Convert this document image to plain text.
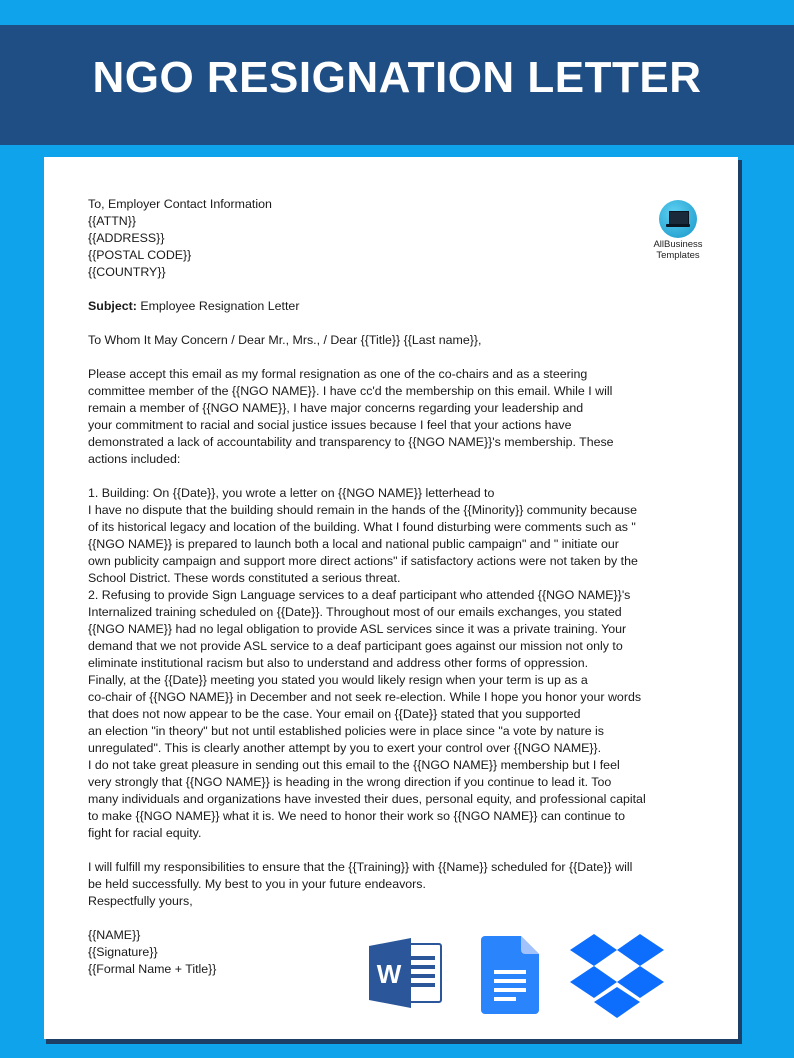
NGO RESIGNATION LETTER
AllBusiness
Templates
To, Employer Contact Information
{{ATTN}}
{{ADDRESS}}
{{POSTAL CODE}}
{{COUNTRY}}
Subject: Employee Resignation Letter
To Whom It May Concern / Dear Mr., Mrs., / Dear {{Title}} {{Last name}},
Please accept this email as my formal resignation as one of the co-chairs and as a steering
committee member of the {{NGO NAME}}. I have cc'd the membership on this email. While I will
remain a member of {{NGO NAME}}, I have major concerns regarding your leadership and
your commitment to racial and social justice issues because I feel that your actions have
demonstrated a lack of accountability and transparency to {{NGO NAME}}'s membership. These
actions included:
1. Building: On {{Date}}, you wrote a letter on {{NGO NAME}} letterhead to
I have no dispute that the building should remain in the hands of the {{Minority}} community because
of its historical legacy and location of the building. What I found disturbing were comments such as "
{{NGO NAME}} is prepared to launch both a local and national public campaign" and " initiate our
own publicity campaign and support more direct actions" if satisfactory actions were not taken by the
School District. These words constituted a serious threat.
2. Refusing to provide Sign Language services to a deaf participant who attended {{NGO NAME}}'s
Internalized training scheduled on {{Date}}. Throughout most of our emails exchanges, you stated
{{NGO NAME}} had no legal obligation to provide ASL services since it was a private training. Your
demand that we not provide ASL service to a deaf participant goes against our mission not only to
eliminate institutional racism but also to understand and address other forms of oppression.
Finally, at the {{Date}} meeting you stated you would likely resign when your term is up as a
co-chair of {{NGO NAME}} in December and not seek re-election. While I hope you honor your words
that does not now appear to be the case. Your email on {{Date}} stated that you supported
an election "in theory" but not until established policies were in place since "a vote by nature is
unregulated". This is clearly another attempt by you to exert your control over {{NGO NAME}}.
I do not take great pleasure in sending out this email to the {{NGO NAME}} membership but I feel
very strongly that {{NGO NAME}} is heading in the wrong direction if you continue to lead it. Too
many individuals and organizations have invested their dues, personal equity, and professional capital
to make {{NGO NAME}} what it is. We need to honor their work so {{NGO NAME}} can continue to
fight for racial equity.
I will fulfill my responsibilities to ensure that the {{Training}} with {{Name}} scheduled for {{Date}} will
be held successfully. My best to you in your future endeavors.
Respectfully yours,
{{NAME}}
{{Signature}}
{{Formal Name + Title}}	W
